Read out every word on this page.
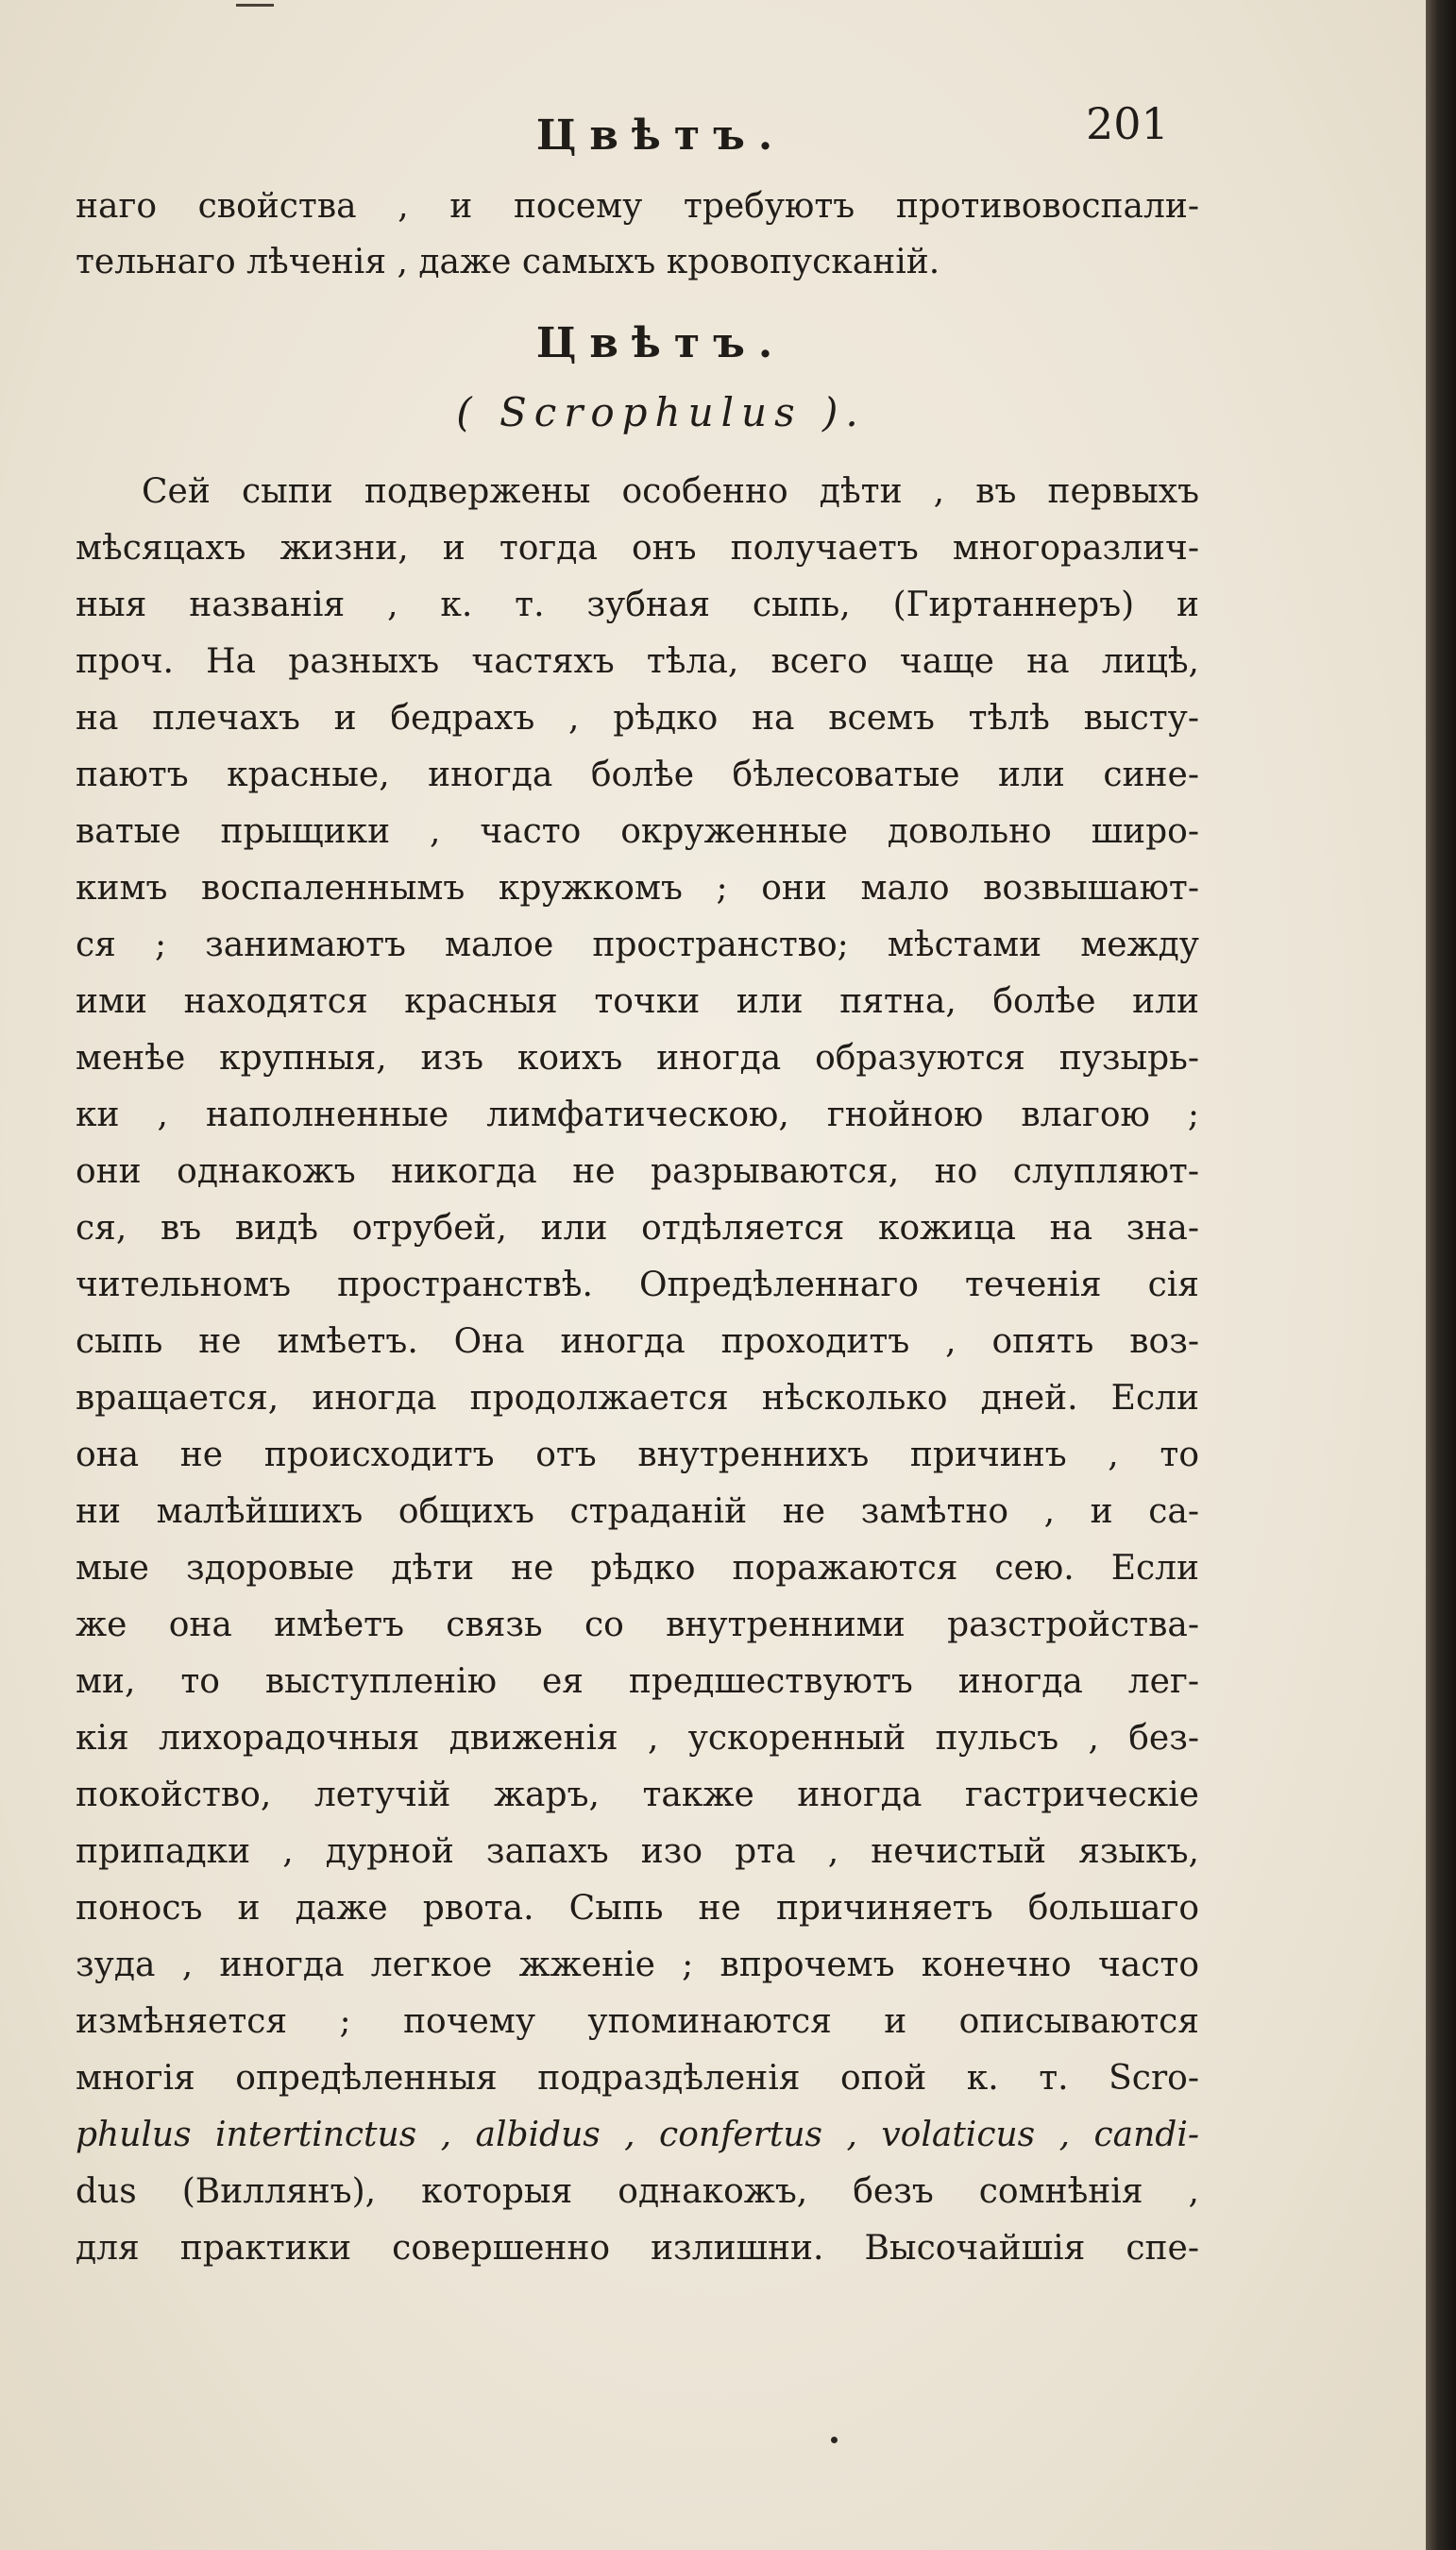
Цвѣтъ.	201
наго свойства , и посему требуютъ противовоспали-
тельнаго лѣченія , даже самыхъ кровопусканій.
Цвѣтъ.
( Scrophulus ).
Сей сыпи подвержены особенно дѣти , въ первыхъ
мѣсяцахъ жизни, и тогда онъ получаетъ многоразлич-
ныя названія , к. т. зубная сыпь, (Гиртаннеръ) и
проч. На разныхъ частяхъ тѣла, всего чаще на лицѣ,
на плечахъ и бедрахъ , рѣдко на всемъ тѣлѣ высту-
паютъ красные, иногда болѣе бѣлесоватые или сине-
ватые прыщики , часто окруженные довольно широ-
кимъ воспаленнымъ кружкомъ ; они мало возвышают-
ся ; занимаютъ малое пространство; мѣстами между
ими находятся красныя точки или пятна, болѣе или
менѣе крупныя, изъ коихъ иногда образуются пузырь-
ки , наполненные лимфатическою, гнойною влагою ;
они однакожъ никогда не разрываются, но слупляют-
ся, въ видѣ отрубей, или отдѣляется кожица на зна-
чительномъ пространствѣ. Опредѣленнаго теченія сія
сыпь не имѣетъ. Она иногда проходитъ , опять воз-
вращается, иногда продолжается нѣсколько дней. Если
она не происходитъ отъ внутреннихъ причинъ , то
ни малѣйшихъ общихъ страданій не замѣтно , и са-
мые здоровые дѣти не рѣдко поражаются сею. Если
же она имѣетъ связь со внутренними разстройства-
ми, то выступленію ея предшествуютъ иногда лег-
кія лихорадочныя движенія , ускоренный пульсъ , без-
покойство, летучій жаръ, также иногда гастрическіе
припадки , дурной запахъ изо рта , нечистый языкъ,
поносъ и даже рвота. Сыпь не причиняетъ большаго
зуда , иногда легкое жженіе ; впрочемъ конечно часто
измѣняется ; почему упоминаются и описываются
многія опредѣленныя подраздѣленія опой к. т. Scro-
phulus intertinctus , albidus , confertus , volaticus , candi-
dus (Виллянъ), которыя однакожъ, безъ сомнѣнія ,
для практики совершенно излишни. Высочайшія спе-
